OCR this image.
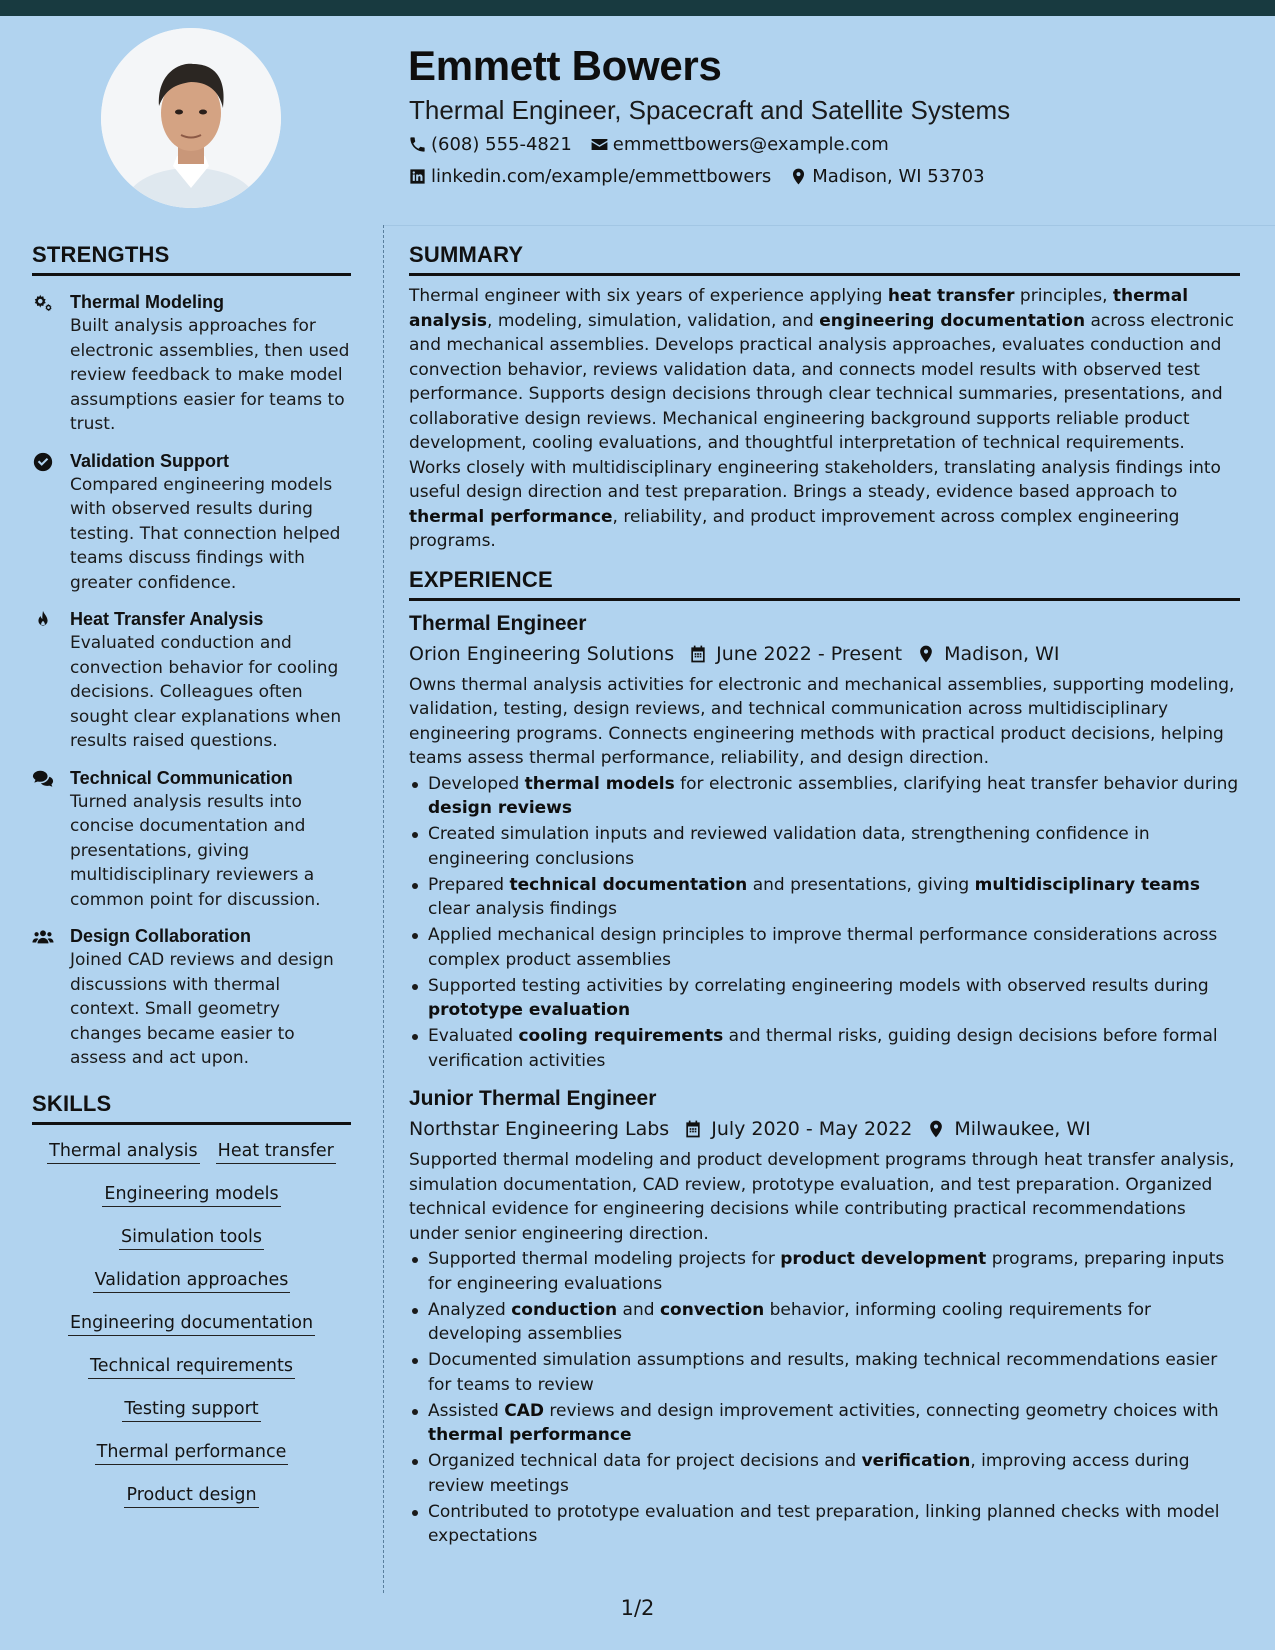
Emmett Bowers
Thermal Engineer, Spacecraft and Satellite Systems
(608) 555-4821 emmettbowers@example.com
linkedin.com/example/emmettbowers Madison, WI 53703
STRENGTHS
Thermal Modeling
Built analysis approaches for electronic assemblies, then used review feedback to make model assumptions easier for teams to trust.
Validation Support
Compared engineering models with observed results during testing. That connection helped teams discuss findings with greater confidence.
Heat Transfer Analysis
Evaluated conduction and convection behavior for cooling decisions. Colleagues often sought clear explanations when results raised questions.
Technical Communication
Turned analysis results into concise documentation and presentations, giving multidisciplinary reviewers a common point for discussion.
Design Collaboration
Joined CAD reviews and design discussions with thermal context. Small geometry changes became easier to assess and act upon.
SKILLS
Thermal analysis Heat transfer
Engineering models
Simulation tools
Validation approaches
Engineering documentation
Technical requirements
Testing support
Thermal performance
Product design
SUMMARY

Thermal engineer with six years of experience applying heat transfer principles, thermal analysis, modeling, simulation, validation, and engineering documentation across electronic and mechanical assemblies. Develops practical analysis approaches, evaluates conduction and convection behavior, reviews validation data, and connects model results with observed test performance. Supports design decisions through clear technical summaries, presentations, and collaborative design reviews. Mechanical engineering background supports reliable product development, cooling evaluations, and thoughtful interpretation of technical requirements. Works closely with multidisciplinary engineering stakeholders, translating analysis findings into useful design direction and test preparation. Brings a steady, evidence based approach to thermal performance, reliability, and product improvement across complex engineering programs.

EXPERIENCE
Thermal Engineer
Orion Engineering Solutions June 2022 - Present Madison, WI

Owns thermal analysis activities for electronic and mechanical assemblies, supporting modeling, validation, testing, design reviews, and technical communication across multidisciplinary engineering programs. Connects engineering methods with practical product decisions, helping teams assess thermal performance, reliability, and design direction.

Developed thermal models for electronic assemblies, clarifying heat transfer behavior during design reviews
Created simulation inputs and reviewed validation data, strengthening confidence in engineering conclusions
Prepared technical documentation and presentations, giving multidisciplinary teams clear analysis findings
Applied mechanical design principles to improve thermal performance considerations across complex product assemblies
Supported testing activities by correlating engineering models with observed results during prototype evaluation
Evaluated cooling requirements and thermal risks, guiding design decisions before formal verification activities
Junior Thermal Engineer
Northstar Engineering Labs July 2020 - May 2022 Milwaukee, WI

Supported thermal modeling and product development programs through heat transfer analysis, simulation documentation, CAD review, prototype evaluation, and test preparation. Organized technical evidence for engineering decisions while contributing practical recommendations under senior engineering direction.

Supported thermal modeling projects for product development programs, preparing inputs for engineering evaluations
Analyzed conduction and convection behavior, informing cooling requirements for developing assemblies
Documented simulation assumptions and results, making technical recommendations easier for teams to review
Assisted CAD reviews and design improvement activities, connecting geometry choices with thermal performance
Organized technical data for project decisions and verification, improving access during review meetings
Contributed to prototype evaluation and test preparation, linking planned checks with model expectations
1/2
